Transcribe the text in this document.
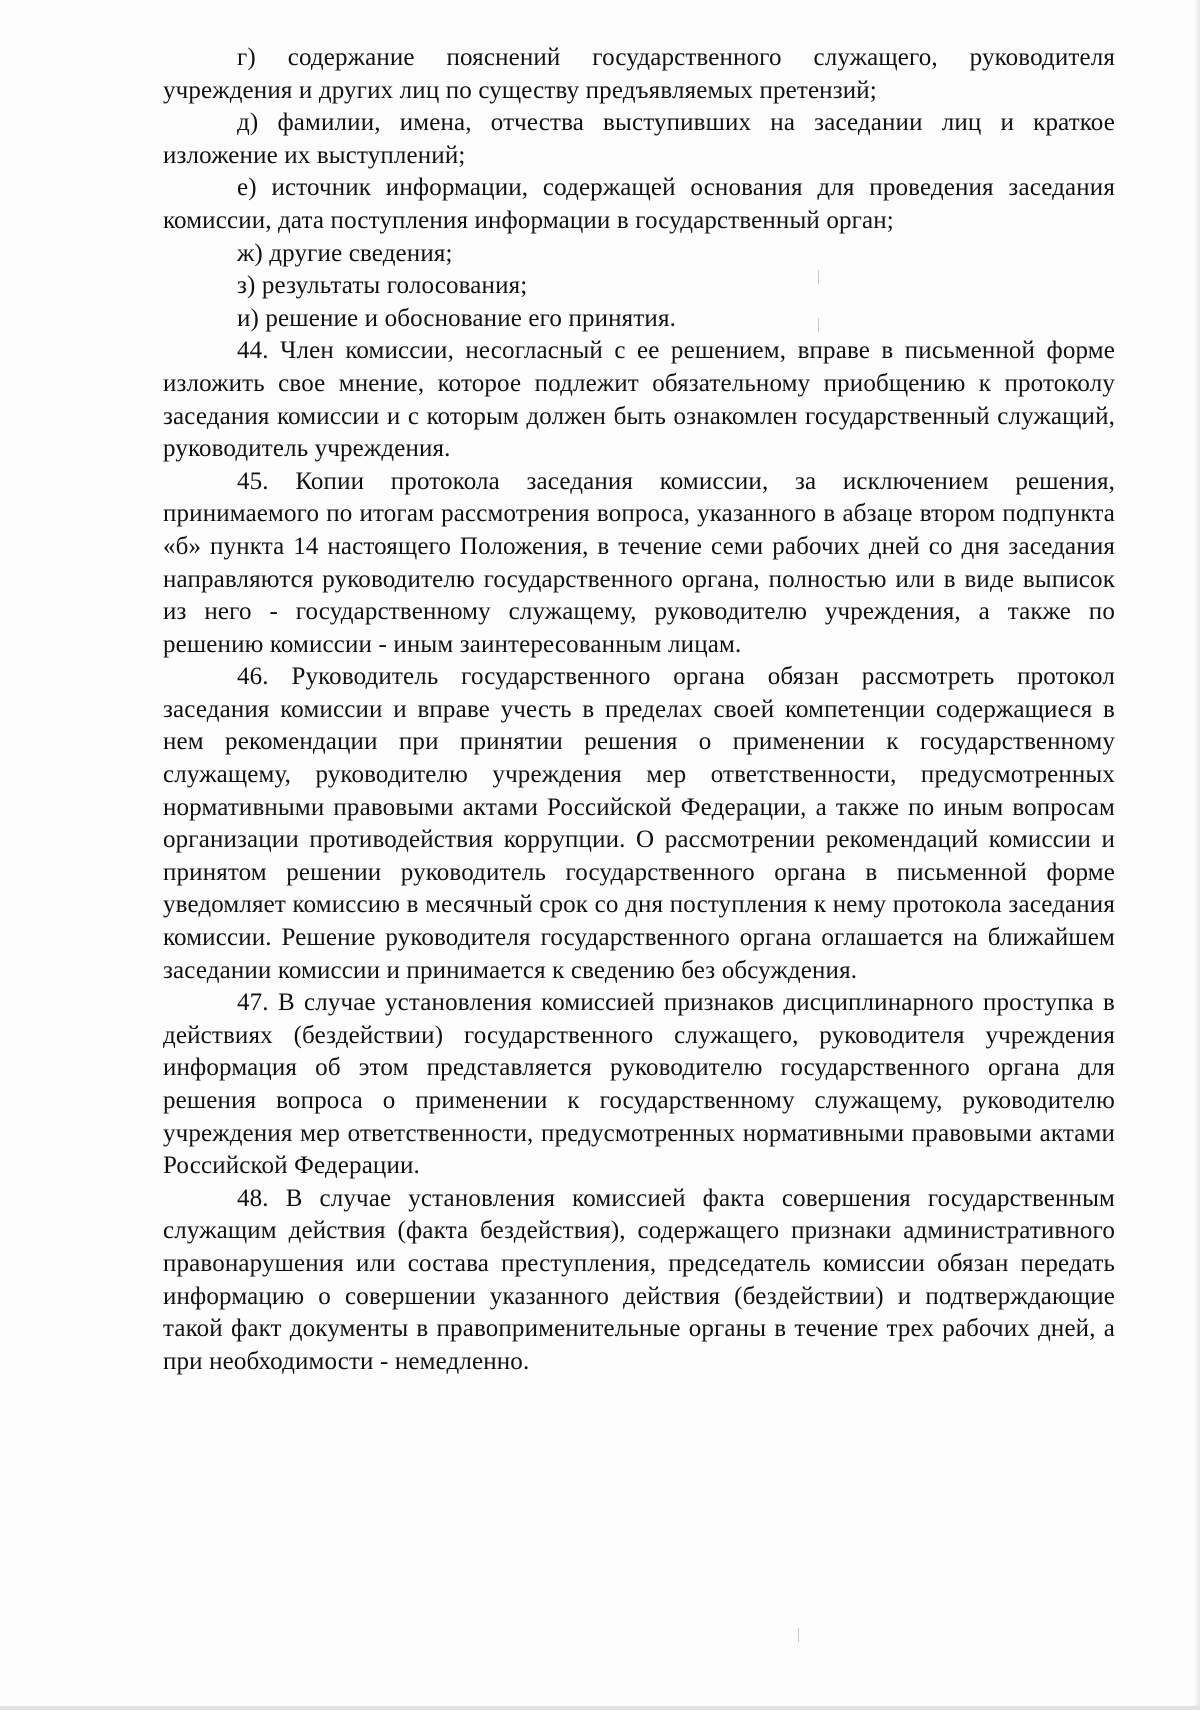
г) содержание пояснений государственного служащего, руководителя учреждения и других лиц по существу предъявляемых претензий;

д) фамилии, имена, отчества выступивших на заседании лиц и краткое изложение их выступлений;

е) источник информации, содержащей основания для проведения заседания комиссии, дата поступления информации в государственный орган;

ж) другие сведения;

з) результаты голосования;

и) решение и обоснование его принятия.

44. Член комиссии, несогласный с ее решением, вправе в письменной форме изложить свое мнение, которое подлежит обязательному приобщению к протоколу заседания комиссии и с которым должен быть ознакомлен государственный служащий, руководитель учреждения.

45. Копии протокола заседания комиссии, за исключением решения, принимаемого по итогам рассмотрения вопроса, указанного в абзаце втором подпункта «б» пункта 14 настоящего Положения, в течение семи рабочих дней со дня заседания направляются руководителю государственного органа, полностью или в виде выписок из него - государственному служащему, руководителю учреждения, а также по решению комиссии - иным заинтересованным лицам.

46. Руководитель государственного органа обязан рассмотреть протокол заседания комиссии и вправе учесть в пределах своей компетенции содержащиеся в нем рекомендации при принятии решения о применении к государственному служащему, руководителю учреждения мер ответственности, предусмотренных нормативными правовыми актами Российской Федерации, а также по иным вопросам организации противодействия коррупции. О рассмотрении рекомендаций комиссии и принятом решении руководитель государственного органа в письменной форме уведомляет комиссию в месячный срок со дня поступления к нему протокола заседания комиссии. Решение руководителя государственного органа оглашается на ближайшем заседании комиссии и принимается к сведению без обсуждения.

47. В случае установления комиссией признаков дисциплинарного проступка в действиях (бездействии) государственного служащего, руководителя учреждения информация об этом представляется руководителю государственного органа для решения вопроса о применении к государственному служащему, руководителю учреждения мер ответственности, предусмотренных нормативными правовыми актами Российской Федерации.

48. В случае установления комиссией факта совершения государственным служащим действия (факта бездействия), содержащего признаки административного правонарушения или состава преступления, председатель комиссии обязан передать информацию о совершении указанного действия (бездействии) и подтверждающие такой факт документы в правоприменительные органы в течение трех рабочих дней, а при необходимости - немедленно.
